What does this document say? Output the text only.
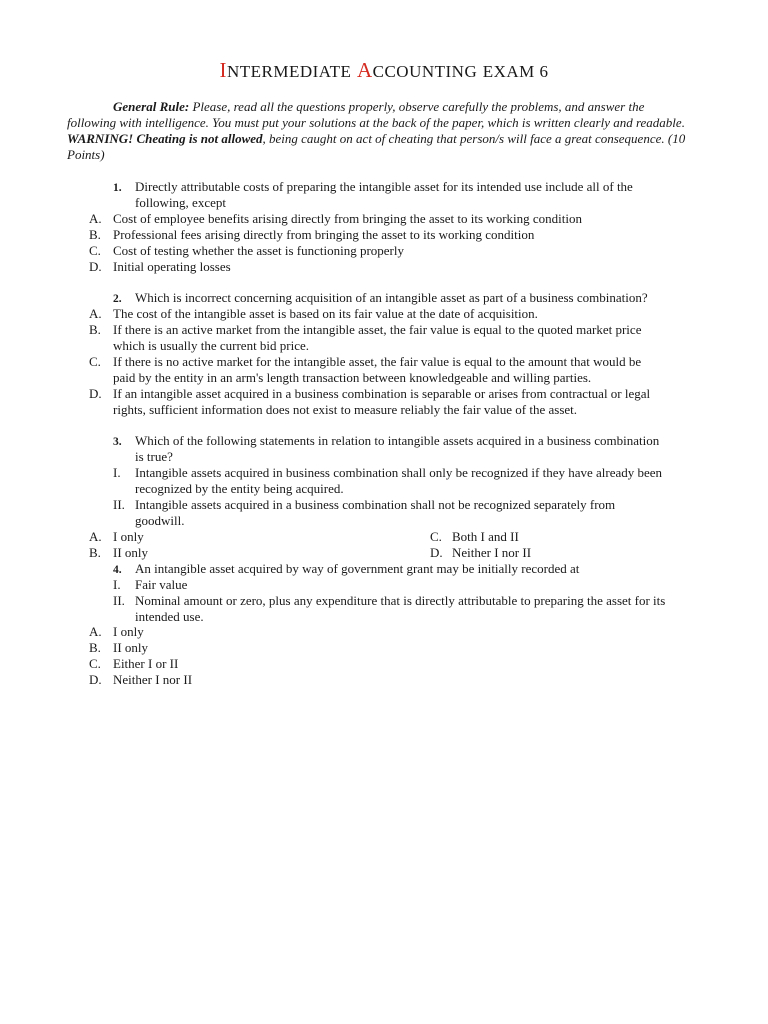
INTERMEDIATE ACCOUNTING EXAM 6
General Rule: Please, read all the questions properly, observe carefully the problems, and answer the following with intelligence. You must put your solutions at the back of the paper, which is written clearly and readable. WARNING! Cheating is not allowed, being caught on act of cheating that person/s will face a great consequence. (10 Points)
1. Directly attributable costs of preparing the intangible asset for its intended use include all of the
following, except
A. Cost of employee benefits arising directly from bringing the asset to its working condition
B. Professional fees arising directly from bringing the asset to its working condition
C. Cost of testing whether the asset is functioning properly
D. Initial operating losses
2. Which is incorrect concerning acquisition of an intangible asset as part of a business combination?
A. The cost of the intangible asset is based on its fair value at the date of acquisition.
B. If there is an active market from the intangible asset, the fair value is equal to the quoted market price
which is usually the current bid price.
C. If there is no active market for the intangible asset, the fair value is equal to the amount that would be
paid by the entity in an arm's length transaction between knowledgeable and willing parties.
D. If an intangible asset acquired in a business combination is separable or arises from contractual or legal
rights, sufficient information does not exist to measure reliably the fair value of the asset.
3. Which of the following statements in relation to intangible assets acquired in a business combination
is true?
I. Intangible assets acquired in business combination shall only be recognized if they have already been
recognized by the entity being acquired.
II. Intangible assets acquired in a business combination shall not be recognized separately from
goodwill.
A. I only
B. II only
C. Both I and II
D. Neither I nor II
4. An intangible asset acquired by way of government grant may be initially recorded at
I. Fair value
II. Nominal amount or zero, plus any expenditure that is directly attributable to preparing the asset for its
intended use.
A. I only
B. II only
C. Either I or II
D. Neither I nor II
